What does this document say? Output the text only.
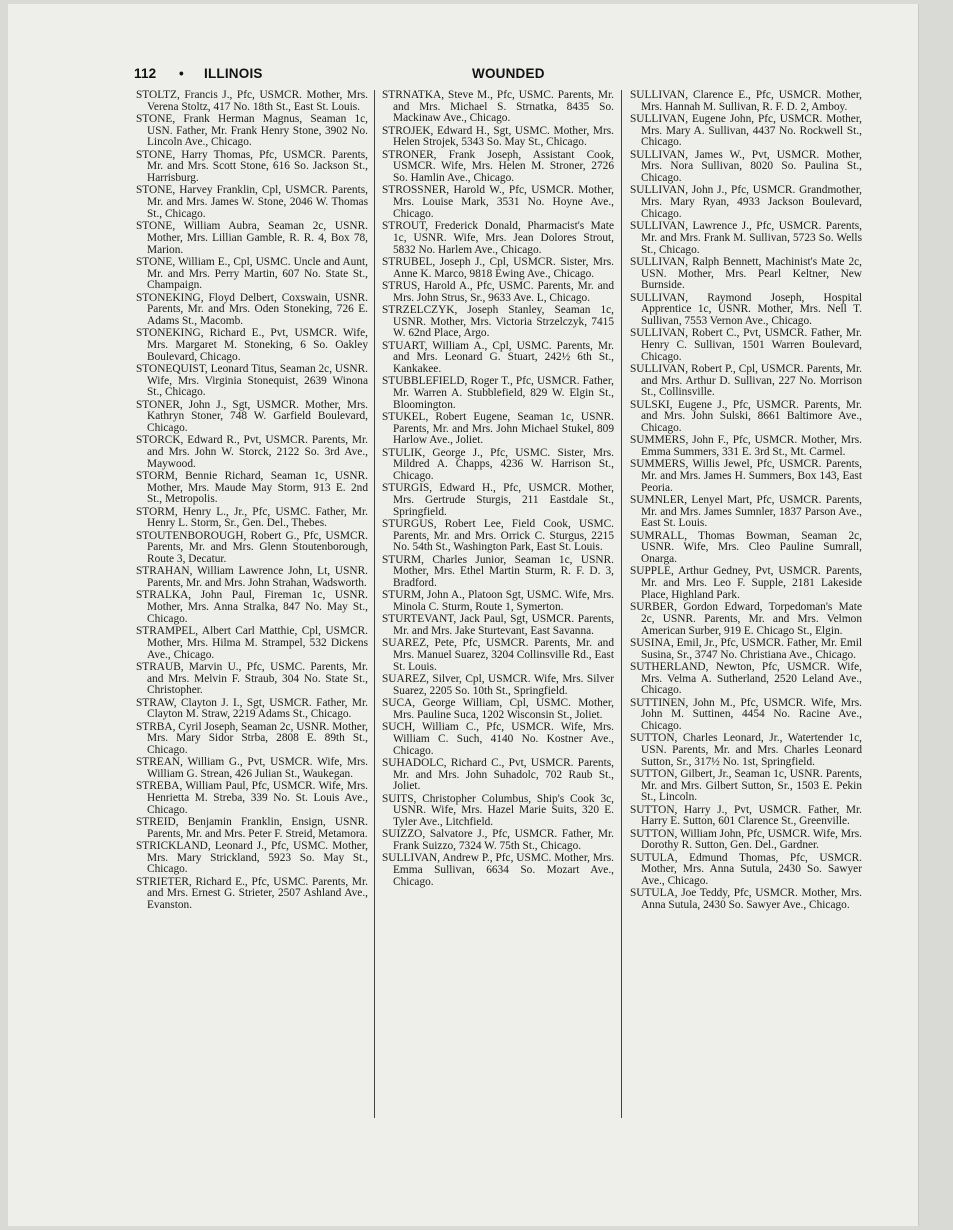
112 • ILLINOIS	WOUNDED
STOLTZ, Francis J., Pfc, USMCR. Mother, Mrs. Verena Stoltz, 417 No. 18th St., East St. Louis.
STONE, Frank Herman Magnus, Seaman 1c, USN. Father, Mr. Frank Henry Stone, 3902 No. Lincoln Ave., Chicago.
STONE, Harry Thomas, Pfc, USMCR. Parents, Mr. and Mrs. Scott Stone, 616 So. Jackson St., Harrisburg.
STONE, Harvey Franklin, Cpl, USMCR. Parents, Mr. and Mrs. James W. Stone, 2046 W. Thomas St., Chicago.
STONE, William Aubra, Seaman 2c, USNR. Mother, Mrs. Lillian Gamble, R. R. 4, Box 78, Marion.
STONE, William E., Cpl, USMC. Uncle and Aunt, Mr. and Mrs. Perry Martin, 607 No. State St., Champaign.
STONEKING, Floyd Delbert, Coxswain, USNR. Parents, Mr. and Mrs. Oden Stoneking, 726 E. Adams St., Macomb.
STONEKING, Richard E., Pvt, USMCR. Wife, Mrs. Margaret M. Stoneking, 6 So. Oakley Boulevard, Chicago.
STONEQUIST, Leonard Titus, Seaman 2c, USNR. Wife, Mrs. Virginia Stonequist, 2639 Winona St., Chicago.
STONER, John J., Sgt, USMCR. Mother, Mrs. Kathryn Stoner, 748 W. Garfield Boulevard, Chicago.
STORCK, Edward R., Pvt, USMCR. Parents, Mr. and Mrs. John W. Storck, 2122 So. 3rd Ave., Maywood.
STORM, Bennie Richard, Seaman 1c, USNR. Mother, Mrs. Maude May Storm, 913 E. 2nd St., Metropolis.
STORM, Henry L., Jr., Pfc, USMC. Father, Mr. Henry L. Storm, Sr., Gen. Del., Thebes.
STOUTENBOROUGH, Robert G., Pfc, USMCR. Parents, Mr. and Mrs. Glenn Stoutenborough, Route 3, Decatur.
STRAHAN, William Lawrence John, Lt, USNR. Parents, Mr. and Mrs. John Strahan, Wadsworth.
STRALKA, John Paul, Fireman 1c, USNR. Mother, Mrs. Anna Stralka, 847 No. May St., Chicago.
STRAMPEL, Albert Carl Matthie, Cpl, USMCR. Mother, Mrs. Hilma M. Strampel, 532 Dickens Ave., Chicago.
STRAUB, Marvin U., Pfc, USMC. Parents, Mr. and Mrs. Melvin F. Straub, 304 No. State St., Christopher.
STRAW, Clayton J. I., Sgt, USMCR. Father, Mr. Clayton M. Straw, 2219 Adams St., Chicago.
STRBA, Cyril Joseph, Seaman 2c, USNR. Mother, Mrs. Mary Sidor Strba, 2808 E. 89th St., Chicago.
STREAN, William G., Pvt, USMCR. Wife, Mrs. William G. Strean, 426 Julian St., Waukegan.
STREBA, William Paul, Pfc, USMCR. Wife, Mrs. Henrietta M. Streba, 339 No. St. Louis Ave., Chicago.
STREID, Benjamin Franklin, Ensign, USNR. Parents, Mr. and Mrs. Peter F. Streid, Metamora.
STRICKLAND, Leonard J., Pfc, USMC. Mother, Mrs. Mary Strickland, 5923 So. May St., Chicago.
STRIETER, Richard E., Pfc, USMC. Parents, Mr. and Mrs. Ernest G. Strieter, 2507 Ashland Ave., Evanston.
STRNATKA, Steve M., Pfc, USMC. Parents, Mr. and Mrs. Michael S. Strnatka, 8435 So. Mackinaw Ave., Chicago.
STROJEK, Edward H., Sgt, USMC. Mother, Mrs. Helen Strojek, 5343 So. May St., Chicago.
STRONER, Frank Joseph, Assistant Cook, USMCR. Wife, Mrs. Helen M. Stroner, 2726 So. Hamlin Ave., Chicago.
STROSSNER, Harold W., Pfc, USMCR. Mother, Mrs. Louise Mark, 3531 No. Hoyne Ave., Chicago.
STROUT, Frederick Donald, Pharmacist's Mate 1c, USNR. Wife, Mrs. Jean Dolores Strout, 5832 No. Harlem Ave., Chicago.
STRUBEL, Joseph J., Cpl, USMCR. Sister, Mrs. Anne K. Marco, 9818 Ewing Ave., Chicago.
STRUS, Harold A., Pfc, USMC. Parents, Mr. and Mrs. John Strus, Sr., 9633 Ave. L, Chicago.
STRZELCZYK, Joseph Stanley, Seaman 1c, USNR. Mother, Mrs. Victoria Strzelczyk, 7415 W. 62nd Place, Argo.
STUART, William A., Cpl, USMC. Parents, Mr. and Mrs. Leonard G. Stuart, 242½ 6th St., Kankakee.
STUBBLEFIELD, Roger T., Pfc, USMCR. Father, Mr. Warren A. Stubblefield, 829 W. Elgin St., Bloomington.
STUKEL, Robert Eugene, Seaman 1c, USNR. Parents, Mr. and Mrs. John Michael Stukel, 809 Harlow Ave., Joliet.
STULIK, George J., Pfc, USMC. Sister, Mrs. Mildred A. Chapps, 4236 W. Harrison St., Chicago.
STURGIS, Edward H., Pfc, USMCR. Mother, Mrs. Gertrude Sturgis, 211 Eastdale St., Springfield.
STURGUS, Robert Lee, Field Cook, USMC. Parents, Mr. and Mrs. Orrick C. Sturgus, 2215 No. 54th St., Washington Park, East St. Louis.
STURM, Charles Junior, Seaman 1c, USNR. Mother, Mrs. Ethel Martin Sturm, R. F. D. 3, Bradford.
STURM, John A., Platoon Sgt, USMC. Wife, Mrs. Minola C. Sturm, Route 1, Symerton.
STURTEVANT, Jack Paul, Sgt, USMCR. Parents, Mr. and Mrs. Jake Sturtevant, East Savanna.
SUAREZ, Pete, Pfc, USMCR. Parents, Mr. and Mrs. Manuel Suarez, 3204 Collinsville Rd., East St. Louis.
SUAREZ, Silver, Cpl, USMCR. Wife, Mrs. Silver Suarez, 2205 So. 10th St., Springfield.
SUCA, George William, Cpl, USMC. Mother, Mrs. Pauline Suca, 1202 Wisconsin St., Joliet.
SUCH, William C., Pfc, USMCR. Wife, Mrs. William C. Such, 4140 No. Kostner Ave., Chicago.
SUHADOLC, Richard C., Pvt, USMCR. Parents, Mr. and Mrs. John Suhadolc, 702 Raub St., Joliet.
SUITS, Christopher Columbus, Ship's Cook 3c, USNR. Wife, Mrs. Hazel Marie Suits, 320 E. Tyler Ave., Litchfield.
SUIZZO, Salvatore J., Pfc, USMCR. Father, Mr. Frank Suizzo, 7324 W. 75th St., Chicago.
SULLIVAN, Andrew P., Pfc, USMC. Mother, Mrs. Emma Sullivan, 6634 So. Mozart Ave., Chicago.
SULLIVAN, Clarence E., Pfc, USMCR. Mother, Mrs. Hannah M. Sullivan, R. F. D. 2, Amboy.
SULLIVAN, Eugene John, Pfc, USMCR. Mother, Mrs. Mary A. Sullivan, 4437 No. Rockwell St., Chicago.
SULLIVAN, James W., Pvt, USMCR. Mother, Mrs. Nora Sullivan, 8020 So. Paulina St., Chicago.
SULLIVAN, John J., Pfc, USMCR. Grandmother, Mrs. Mary Ryan, 4933 Jackson Boulevard, Chicago.
SULLIVAN, Lawrence J., Pfc, USMCR. Parents, Mr. and Mrs. Frank M. Sullivan, 5723 So. Wells St., Chicago.
SULLIVAN, Ralph Bennett, Machinist's Mate 2c, USN. Mother, Mrs. Pearl Keltner, New Burnside.
SULLIVAN, Raymond Joseph, Hospital Apprentice 1c, USNR. Mother, Mrs. Nell T. Sullivan, 7553 Vernon Ave., Chicago.
SULLIVAN, Robert C., Pvt, USMCR. Father, Mr. Henry C. Sullivan, 1501 Warren Boulevard, Chicago.
SULLIVAN, Robert P., Cpl, USMCR. Parents, Mr. and Mrs. Arthur D. Sullivan, 227 No. Morrison St., Collinsville.
SULSKI, Eugene J., Pfc, USMCR. Parents, Mr. and Mrs. John Sulski, 8661 Baltimore Ave., Chicago.
SUMMERS, John F., Pfc, USMCR. Mother, Mrs. Emma Summers, 331 E. 3rd St., Mt. Carmel.
SUMMERS, Willis Jewel, Pfc, USMCR. Parents, Mr. and Mrs. James H. Summers, Box 143, East Peoria.
SUMNLER, Lenyel Mart, Pfc, USMCR. Parents, Mr. and Mrs. James Sumnler, 1837 Parson Ave., East St. Louis.
SUMRALL, Thomas Bowman, Seaman 2c, USNR. Wife, Mrs. Cleo Pauline Sumrall, Onarga.
SUPPLE, Arthur Gedney, Pvt, USMCR. Parents, Mr. and Mrs. Leo F. Supple, 2181 Lakeside Place, Highland Park.
SURBER, Gordon Edward, Torpedoman's Mate 2c, USNR. Parents, Mr. and Mrs. Velmon American Surber, 919 E. Chicago St., Elgin.
SUSINA, Emil, Jr., Pfc, USMCR. Father, Mr. Emil Susina, Sr., 3747 No. Christiana Ave., Chicago.
SUTHERLAND, Newton, Pfc, USMCR. Wife, Mrs. Velma A. Sutherland, 2520 Leland Ave., Chicago.
SUTTINEN, John M., Pfc, USMCR. Wife, Mrs. John M. Suttinen, 4454 No. Racine Ave., Chicago.
SUTTON, Charles Leonard, Jr., Watertender 1c, USN. Parents, Mr. and Mrs. Charles Leonard Sutton, Sr., 317½ No. 1st, Springfield.
SUTTON, Gilbert, Jr., Seaman 1c, USNR. Parents, Mr. and Mrs. Gilbert Sutton, Sr., 1503 E. Pekin St., Lincoln.
SUTTON, Harry J., Pvt, USMCR. Father, Mr. Harry E. Sutton, 601 Clarence St., Greenville.
SUTTON, William John, Pfc, USMCR. Wife, Mrs. Dorothy R. Sutton, Gen. Del., Gardner.
SUTULA, Edmund Thomas, Pfc, USMCR. Mother, Mrs. Anna Sutula, 2430 So. Sawyer Ave., Chicago.
SUTULA, Joe Teddy, Pfc, USMCR. Mother, Mrs. Anna Sutula, 2430 So. Sawyer Ave., Chicago.
